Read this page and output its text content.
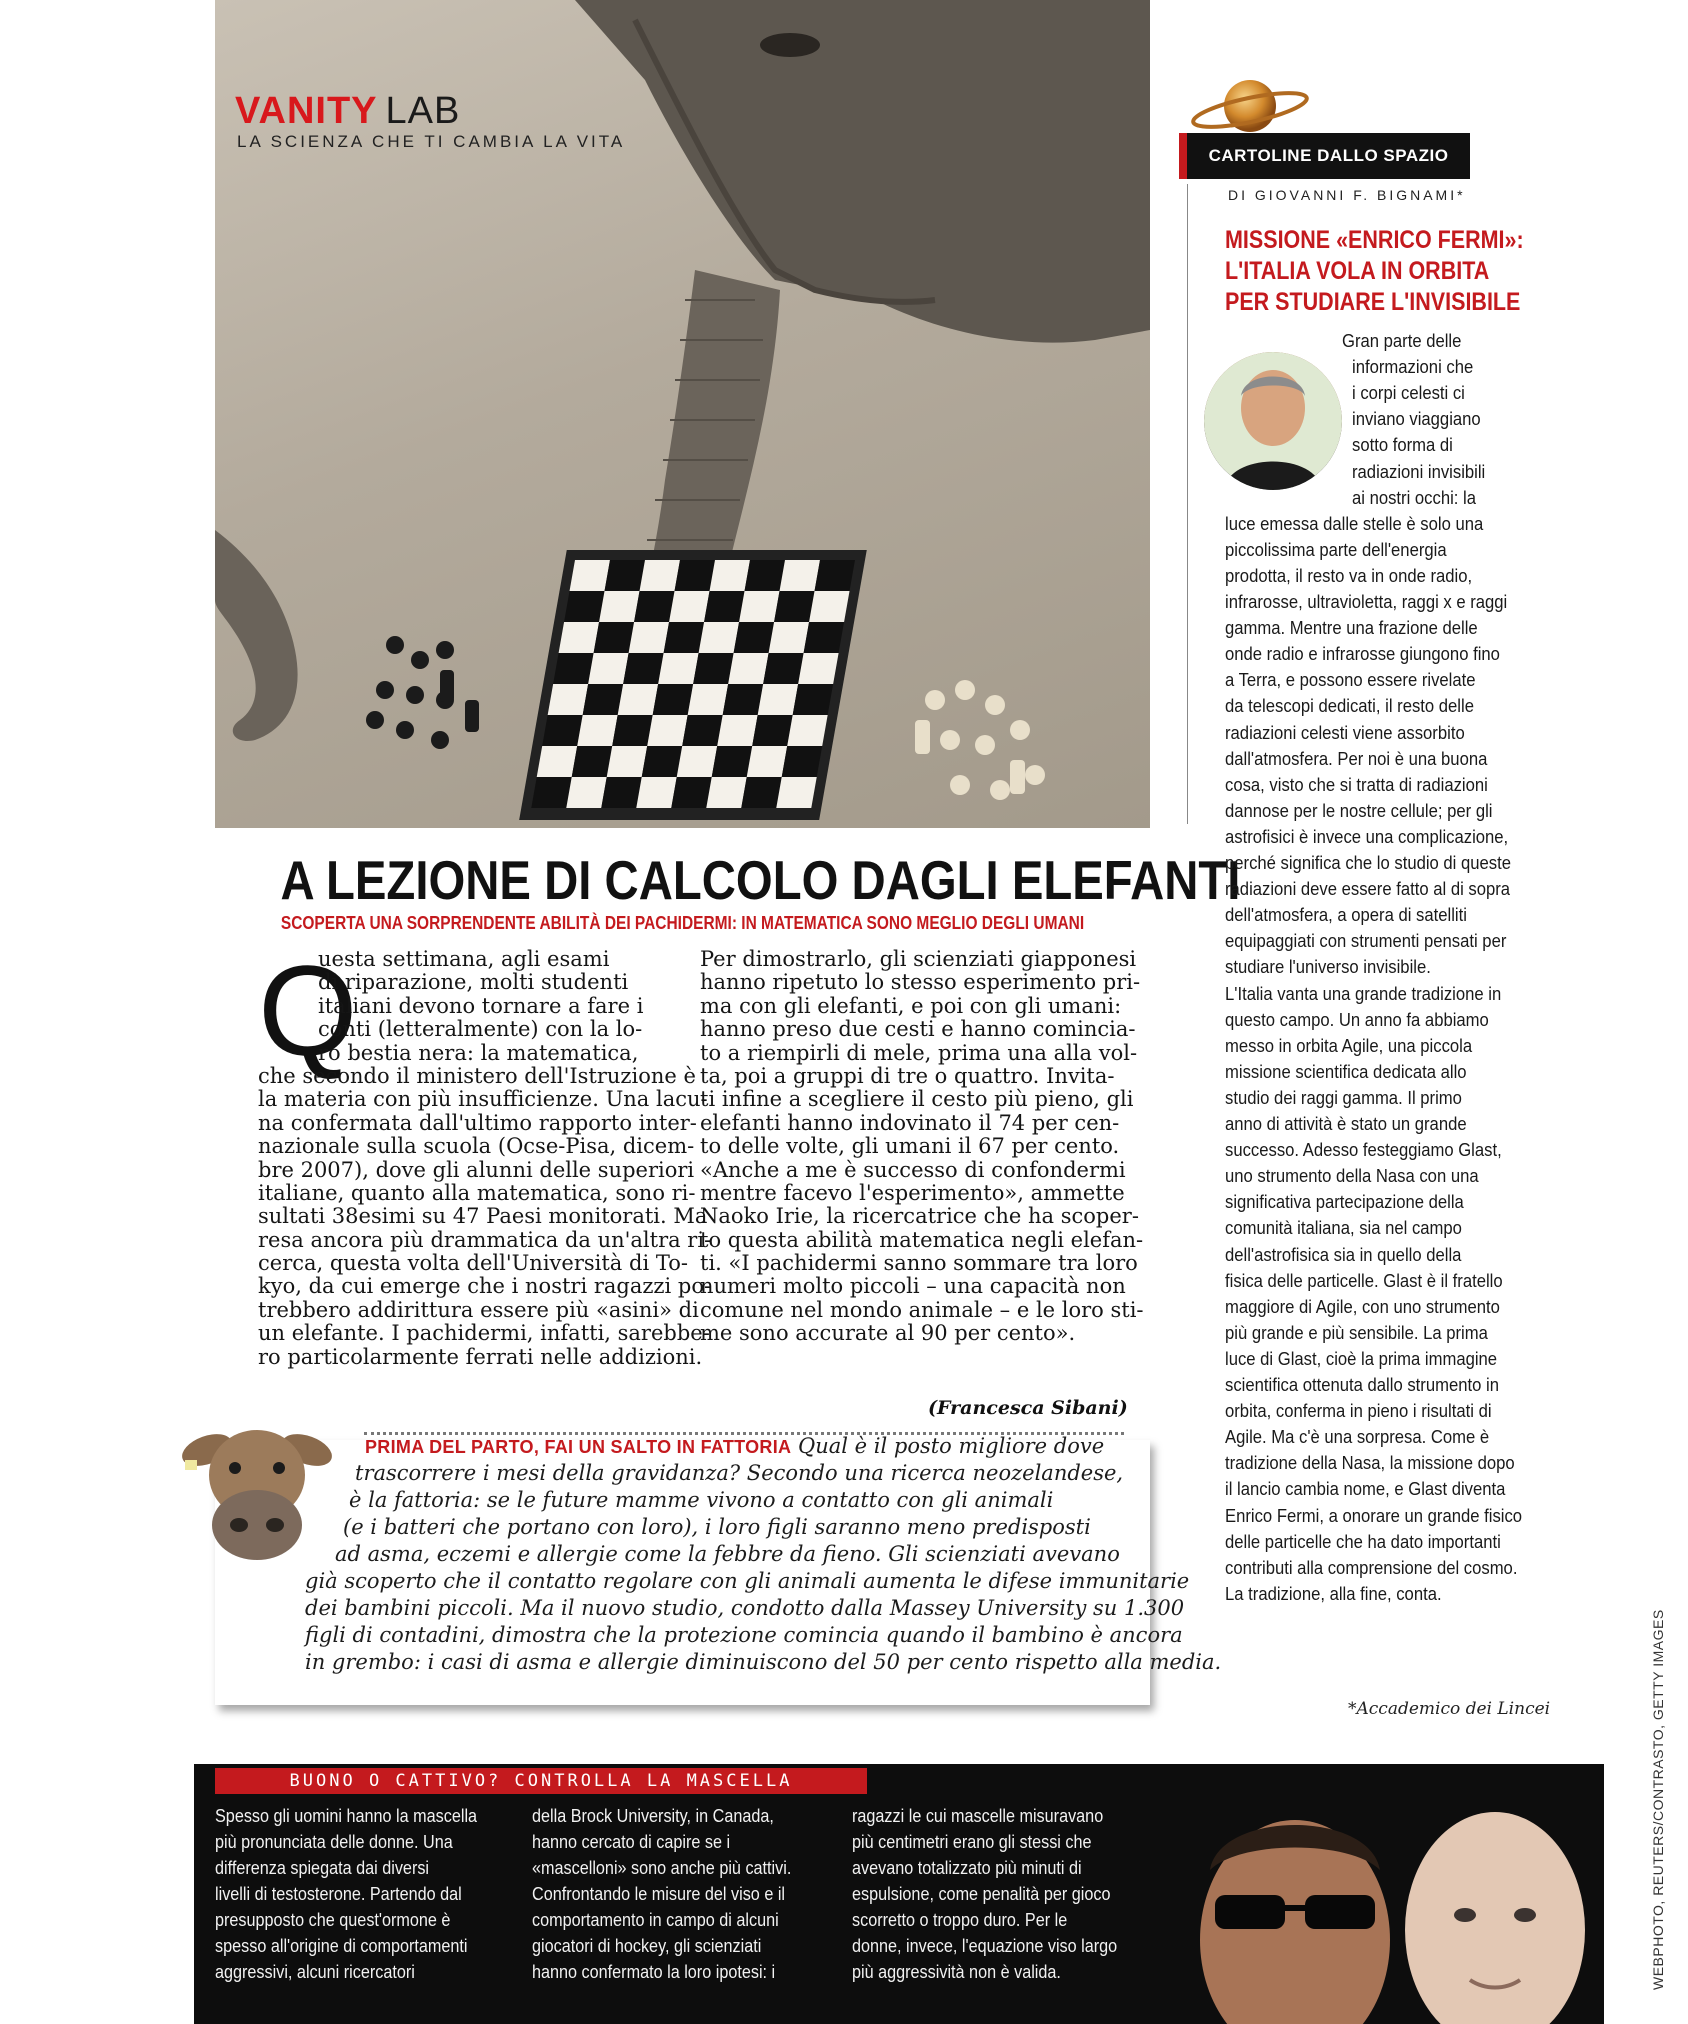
VANITY LAB
LA SCIENZA CHE TI CAMBIA LA VITA
A LEZIONE DI CALCOLO DAGLI ELEFANTI
SCOPERTA UNA SORPRENDENTE ABILITÀ DEI PACHIDERMI: IN MATEMATICA SONO MEGLIO DEGLI UMANI
Q
uesta settimana, agli esami
di riparazione, molti studenti
italiani devono tornare a fare i
conti (letteralmente) con la lo-
ro bestia nera: la matematica,
che secondo il ministero dell'Istruzione è
la materia con più insufficienze. Una lacu-
na confermata dall'ultimo rapporto inter-
nazionale sulla scuola (Ocse-Pisa, dicem-
bre 2007), dove gli alunni delle superiori
italiane, quanto alla matematica, sono ri-
sultati 38esimi su 47 Paesi monitorati. Ma
resa ancora più drammatica da un'altra ri-
cerca, questa volta dell'Università di To-
kyo, da cui emerge che i nostri ragazzi po-
trebbero addirittura essere più «asini» di
un elefante. I pachidermi, infatti, sarebbe-
ro particolarmente ferrati nelle addizioni.
Per dimostrarlo, gli scienziati giapponesi
hanno ripetuto lo stesso esperimento pri-
ma con gli elefanti, e poi con gli umani:
hanno preso due cesti e hanno comincia-
to a riempirli di mele, prima una alla vol-
ta, poi a gruppi di tre o quattro. Invita-
ti infine a scegliere il cesto più pieno, gli
elefanti hanno indovinato il 74 per cen-
to delle volte, gli umani il 67 per cento.
«Anche a me è successo di confondermi
mentre facevo l'esperimento», ammette
Naoko Irie, la ricercatrice che ha scoper-
to questa abilità matematica negli elefan-
ti. «I pachidermi sanno sommare tra loro
numeri molto piccoli – una capacità non
comune nel mondo animale – e le loro sti-
me sono accurate al 90 per cento».
(Francesca Sibani)
PRIMA DEL PARTO, FAI UN SALTO IN FATTORIA Qual è il posto migliore dove
trascorrere i mesi della gravidanza? Secondo una ricerca neozelandese,
è la fattoria: se le future mamme vivono a contatto con gli animali
(e i batteri che portano con loro), i loro figli saranno meno predisposti
ad asma, eczemi e allergie come la febbre da fieno. Gli scienziati avevano
già scoperto che il contatto regolare con gli animali aumenta le difese immunitarie
dei bambini piccoli. Ma il nuovo studio, condotto dalla Massey University su 1.300
figli di contadini, dimostra che la protezione comincia quando il bambino è ancora
in grembo: i casi di asma e allergie diminuiscono del 50 per cento rispetto alla media.
CARTOLINE DALLO SPAZIO
DI GIOVANNI F. BIGNAMI*
MISSIONE «ENRICO FERMI»:
L'ITALIA VOLA IN ORBITA
PER STUDIARE L'INVISIBILE
Gran parte delle
informazioni che
i corpi celesti ci
inviano viaggiano
sotto forma di
radiazioni invisibili
ai nostri occhi: la
luce emessa dalle stelle è solo una
piccolissima parte dell'energia
prodotta, il resto va in onde radio,
infrarosse, ultravioletta, raggi x e raggi
gamma. Mentre una frazione delle
onde radio e infrarosse giungono fino
a Terra, e possono essere rivelate
da telescopi dedicati, il resto delle
radiazioni celesti viene assorbito
dall'atmosfera. Per noi è una buona
cosa, visto che si tratta di radiazioni
dannose per le nostre cellule; per gli
astrofisici è invece una complicazione,
perché significa che lo studio di queste
radiazioni deve essere fatto al di sopra
dell'atmosfera, a opera di satelliti
equipaggiati con strumenti pensati per
studiare l'universo invisibile.
L'Italia vanta una grande tradizione in
questo campo. Un anno fa abbiamo
messo in orbita Agile, una piccola
missione scientifica dedicata allo
studio dei raggi gamma. Il primo
anno di attività è stato un grande
successo. Adesso festeggiamo Glast,
uno strumento della Nasa con una
significativa partecipazione della
comunità italiana, sia nel campo
dell'astrofisica sia in quello della
fisica delle particelle. Glast è il fratello
maggiore di Agile, con uno strumento
più grande e più sensibile. La prima
luce di Glast, cioè la prima immagine
scientifica ottenuta dallo strumento in
orbita, conferma in pieno i risultati di
Agile. Ma c'è una sorpresa. Come è
tradizione della Nasa, la missione dopo
il lancio cambia nome, e Glast diventa
Enrico Fermi, a onorare un grande fisico
delle particelle che ha dato importanti
contributi alla comprensione del cosmo.
La tradizione, alla fine, conta.
*Accademico dei Lincei
BUONO O CATTIVO? CONTROLLA LA MASCELLA
Spesso gli uomini hanno la mascella
più pronunciata delle donne. Una
differenza spiegata dai diversi
livelli di testosterone. Partendo dal
presupposto che quest'ormone è
spesso all'origine di comportamenti
aggressivi, alcuni ricercatori
della Brock University, in Canada,
hanno cercato di capire se i
«mascelloni» sono anche più cattivi.
Confrontando le misure del viso e il
comportamento in campo di alcuni
giocatori di hockey, gli scienziati
hanno confermato la loro ipotesi: i
ragazzi le cui mascelle misuravano
più centimetri erano gli stessi che
avevano totalizzato più minuti di
espulsione, come penalità per gioco
scorretto o troppo duro. Per le
donne, invece, l'equazione viso largo
più aggressività non è valida.	WEBPHOTO, REUTERS/CONTRASTO, GETTY IMAGES
